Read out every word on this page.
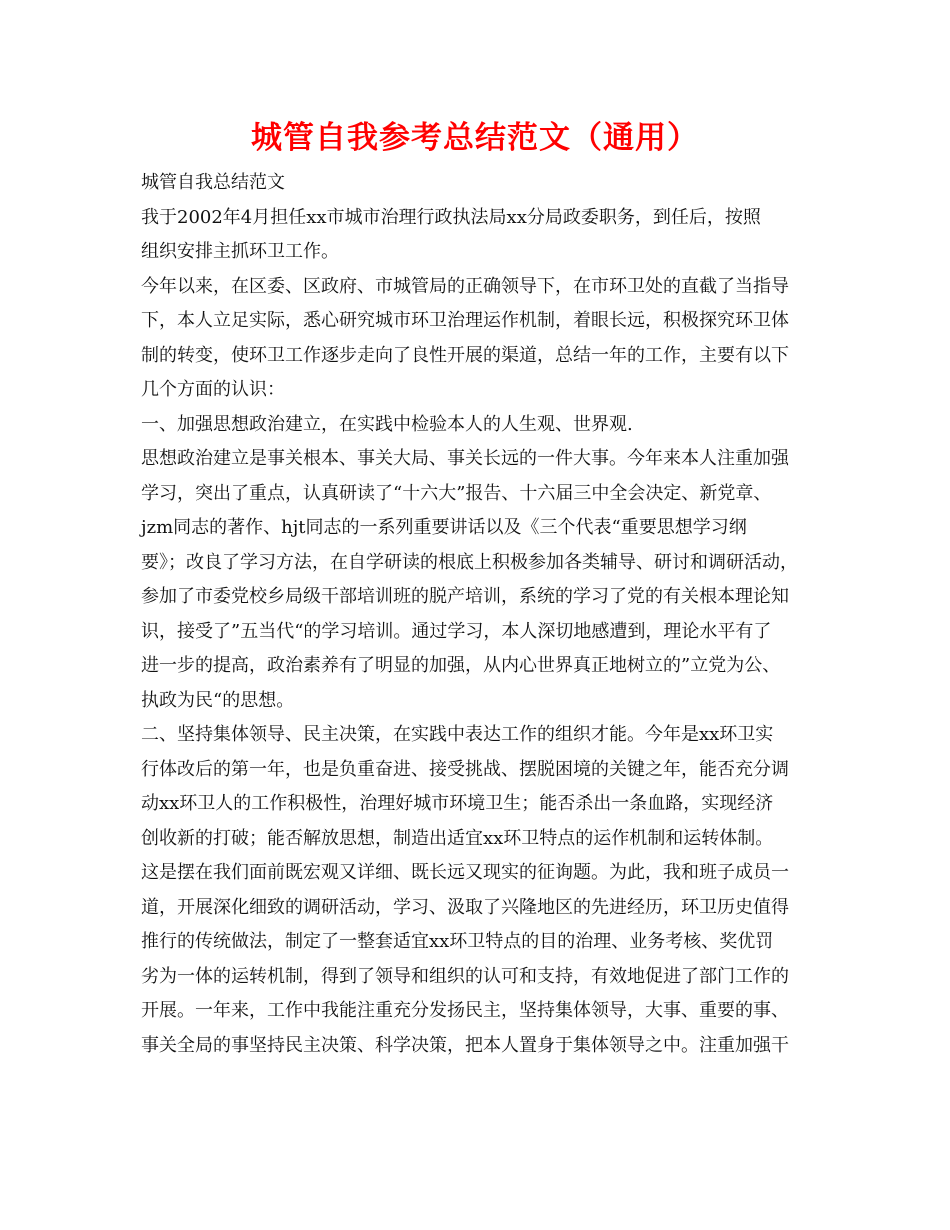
城管自我参考总结范文（通用）
城管自我总结范文
我于2002年4月担任xx市城市治理行政执法局xx分局政委职务，到任后，按照
组织安排主抓环卫工作。
今年以来，在区委、区政府、市城管局的正确领导下，在市环卫处的直截了当指导
下，本人立足实际，悉心研究城市环卫治理运作机制，着眼长远，积极探究环卫体
制的转变，使环卫工作逐步走向了良性开展的渠道，总结一年的工作，主要有以下
几个方面的认识：
一、加强思想政治建立，在实践中检验本人的人生观、世界观.
思想政治建立是事关根本、事关大局、事关长远的一件大事。今年来本人注重加强
学习，突出了重点，认真研读了“十六大”报告、十六届三中全会决定、新党章、
jzm同志的著作、hjt同志的一系列重要讲话以及《三个代表“重要思想学习纲
要》；改良了学习方法，在自学研读的根底上积极参加各类辅导、研讨和调研活动，
参加了市委党校乡局级干部培训班的脱产培训，系统的学习了党的有关根本理论知
识，接受了”五当代“的学习培训。通过学习，本人深切地感遭到，理论水平有了
进一步的提高，政治素养有了明显的加强，从内心世界真正地树立的”立党为公、
执政为民“的思想。
二、坚持集体领导、民主决策，在实践中表达工作的组织才能。今年是xx环卫实
行体改后的第一年，也是负重奋进、接受挑战、摆脱困境的关键之年，能否充分调
动xx环卫人的工作积极性，治理好城市环境卫生；能否杀出一条血路，实现经济
创收新的打破；能否解放思想，制造出适宜xx环卫特点的运作机制和运转体制。
这是摆在我们面前既宏观又详细、既长远又现实的征询题。为此，我和班子成员一
道，开展深化细致的调研活动，学习、汲取了兴隆地区的先进经历，环卫历史值得
推行的传统做法，制定了一整套适宜xx环卫特点的目的治理、业务考核、奖优罚
劣为一体的运转机制，得到了领导和组织的认可和支持，有效地促进了部门工作的
开展。一年来，工作中我能注重充分发扬民主，坚持集体领导，大事、重要的事、
事关全局的事坚持民主决策、科学决策，把本人置身于集体领导之中。注重加强干
